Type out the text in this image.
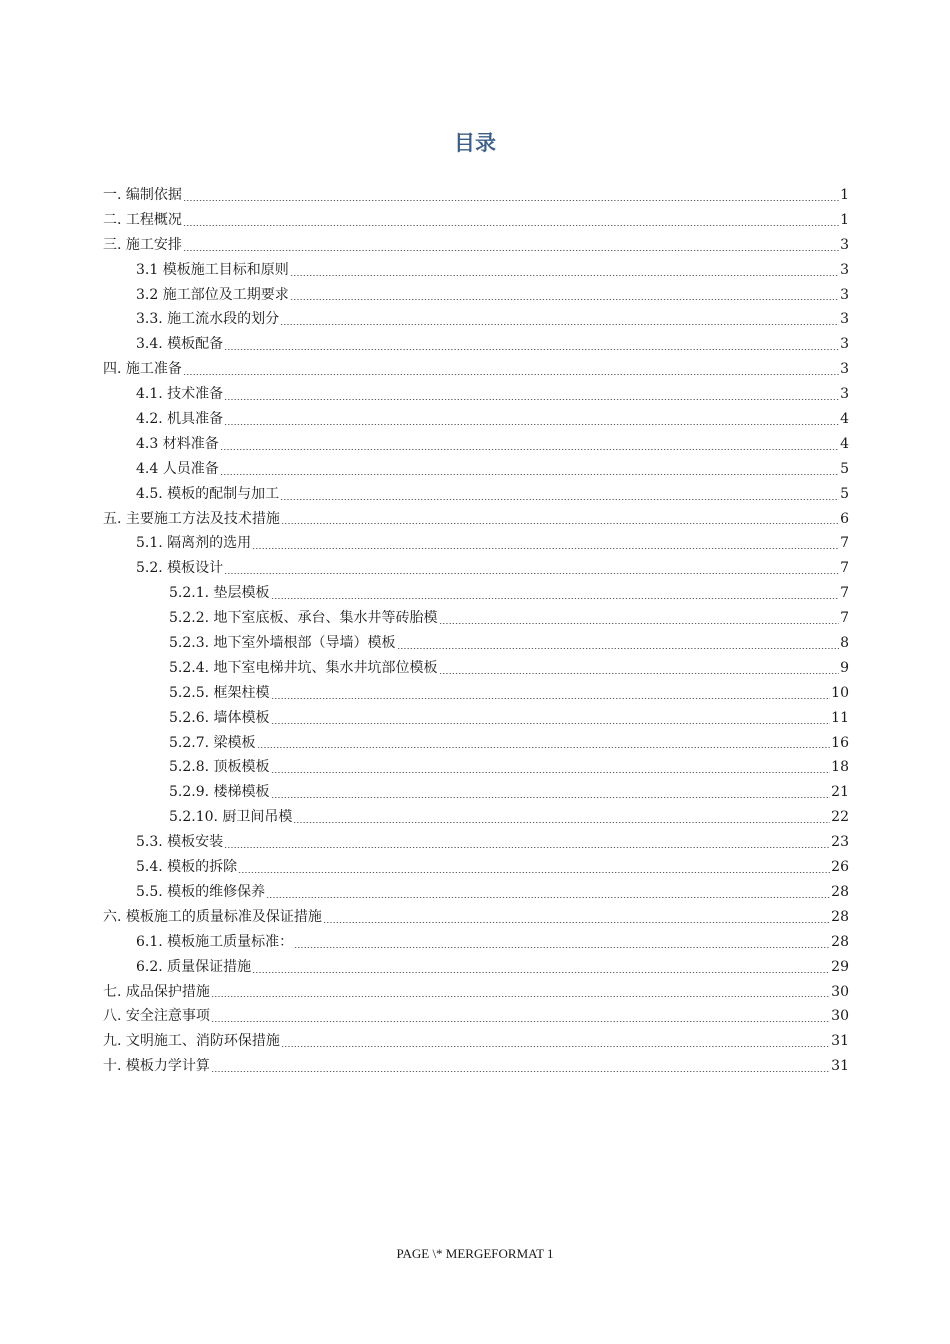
目录
一. 编制依据	1
二. 工程概况	1
三. 施工安排	3
3.1 模板施工目标和原则	3
3.2 施工部位及工期要求	3
3.3. 施工流水段的划分	3
3.4. 模板配备	3
四. 施工准备	3
4.1. 技术准备	3
4.2. 机具准备	4
4.3 材料准备	4
4.4 人员准备	5
4.5. 模板的配制与加工	5
五. 主要施工方法及技术措施	6
5.1. 隔离剂的选用	7
5.2. 模板设计	7
5.2.1. 垫层模板	7
5.2.2. 地下室底板、承台、集水井等砖胎模	7
5.2.3. 地下室外墙根部（导墙）模板	8
5.2.4. 地下室电梯井坑、集水井坑部位模板	9
5.2.5. 框架柱模	10
5.2.6. 墙体模板	11
5.2.7. 梁模板	16
5.2.8. 顶板模板	18
5.2.9. 楼梯模板	21
5.2.10. 厨卫间吊模	22
5.3. 模板安装	23
5.4. 模板的拆除	26
5.5. 模板的维修保养	28
六. 模板施工的质量标准及保证措施	28
6.1. 模板施工质量标准：	28
6.2. 质量保证措施	29
七. 成品保护措施	30
八. 安全注意事项	30
九. 文明施工、消防环保措施	31
十. 模板力学计算	31
PAGE \* MERGEFORMAT 1
